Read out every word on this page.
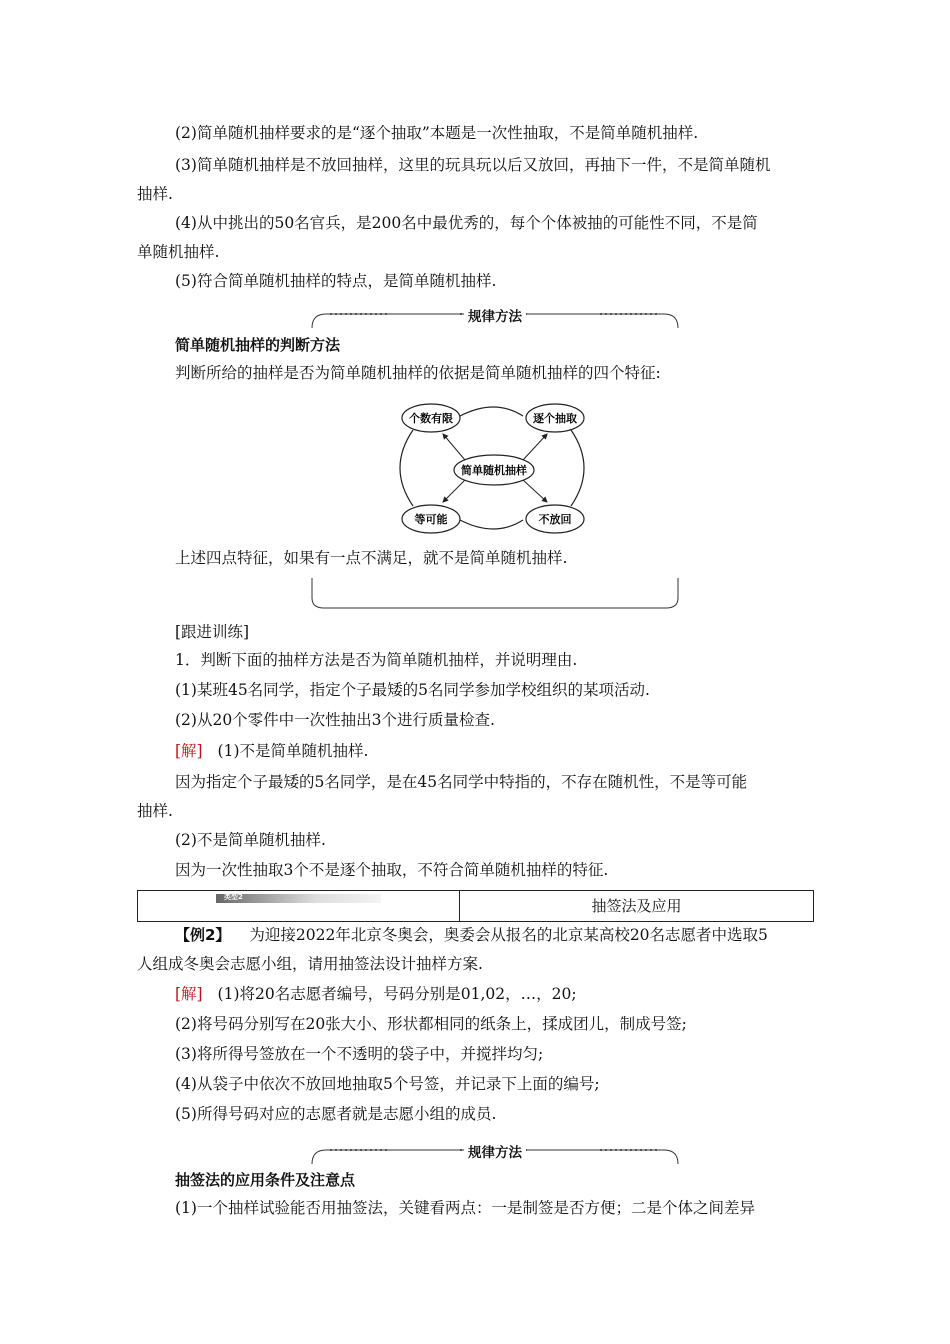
(2)简单随机抽样要求的是“逐个抽取”本题是一次性抽取，不是简单随机抽样.
(3)简单随机抽样是不放回抽样，这里的玩具玩以后又放回，再抽下一件，不是简单随机
抽样.
(4)从中挑出的50名官兵，是200名中最优秀的，每个个体被抽的可能性不同，不是简
单随机抽样.
(5)符合简单随机抽样的特点，是简单随机抽样.
规律方法
简单随机抽样的判断方法
判断所给的抽样是否为简单随机抽样的依据是简单随机抽样的四个特征:
个数有限	逐个抽取
简单随机抽样
等可能	不放回
上述四点特征，如果有一点不满足，就不是简单随机抽样.
[跟进训练]
1．判断下面的抽样方法是否为简单随机抽样，并说明理由.
(1)某班45名同学，指定个子最矮的5名同学参加学校组织的某项活动.
(2)从20个零件中一次性抽出3个进行质量检查.
[解] (1)不是简单随机抽样.
因为指定个子最矮的5名同学，是在45名同学中特指的，不存在随机性，不是等可能
抽样.
(2)不是简单随机抽样.
因为一次性抽取3个不是逐个抽取，不符合简单随机抽样的特征.
类型2	抽签法及应用
【例2】 为迎接2022年北京冬奥会，奥委会从报名的北京某高校20名志愿者中选取5
人组成冬奥会志愿小组，请用抽签法设计抽样方案.
[解] (1)将20名志愿者编号，号码分别是01,02，…，20;
(2)将号码分别写在20张大小、形状都相同的纸条上，揉成团儿，制成号签;
(3)将所得号签放在一个不透明的袋子中，并搅拌均匀;
(4)从袋子中依次不放回地抽取5个号签，并记录下上面的编号;
(5)所得号码对应的志愿者就是志愿小组的成员.
规律方法
抽签法的应用条件及注意点
(1)一个抽样试验能否用抽签法，关键看两点：一是制签是否方便；二是个体之间差异
